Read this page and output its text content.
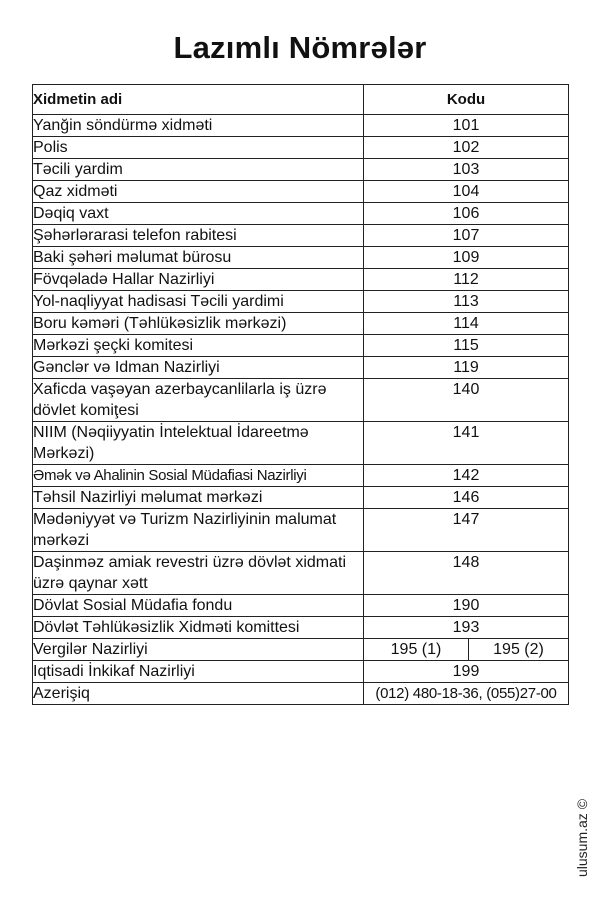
Lazımlı Nömrələr
Xidmetin adi	Kodu	
Yanğin söndürmə xidməti	101	
Polis	102	
Təcili yardim	103	
Qaz xidməti	104	
Dəqiq vaxt	106	
Şəhərlərarasi telefon rabitesi	107	
Baki şəhəri məlumat bürosu	109	
Fövqəladə Hallar Nazirliyi	112	
Yol-naqliyyat hadisasi Təcili yardimi	113	
Boru kəməri (Təhlükəsizlik mərkəzi)	114	
Mərkəzi şeçki komitesi	115	
Gənclər və Idman Nazirliyi	119	
Xaficda vaşəyan azerbaycanlilarla iş üzrə dövlet komiţesi	140	
NIIM (Nəqiiyyatin İntelektual İdareetmə Mərkəzi)	141	
Əmək və Ahalinin Sosial Müdafiasi Nazirliyi	142	
Təhsil Nazirliyi məlumat mərkəzi	146	
Mədəniyyət və Turizm Nazirliyinin malumat mərkəzi	147	
Daşinməz amiak revestri üzrə dövlət xidmati üzrə qaynar xətt	148	
Dövlat Sosial Müdafia fondu	190	
Dövlət Təhlükəsizlik Xidməti komittesi	193	
Vergilər Nazirliyi	195 (1)	195 (2)
Iqtisadi İnkikaf Nazirliyi	199	
Azerişiq	(012) 480-18-36, (055)27-00	
ulusum.az ©
